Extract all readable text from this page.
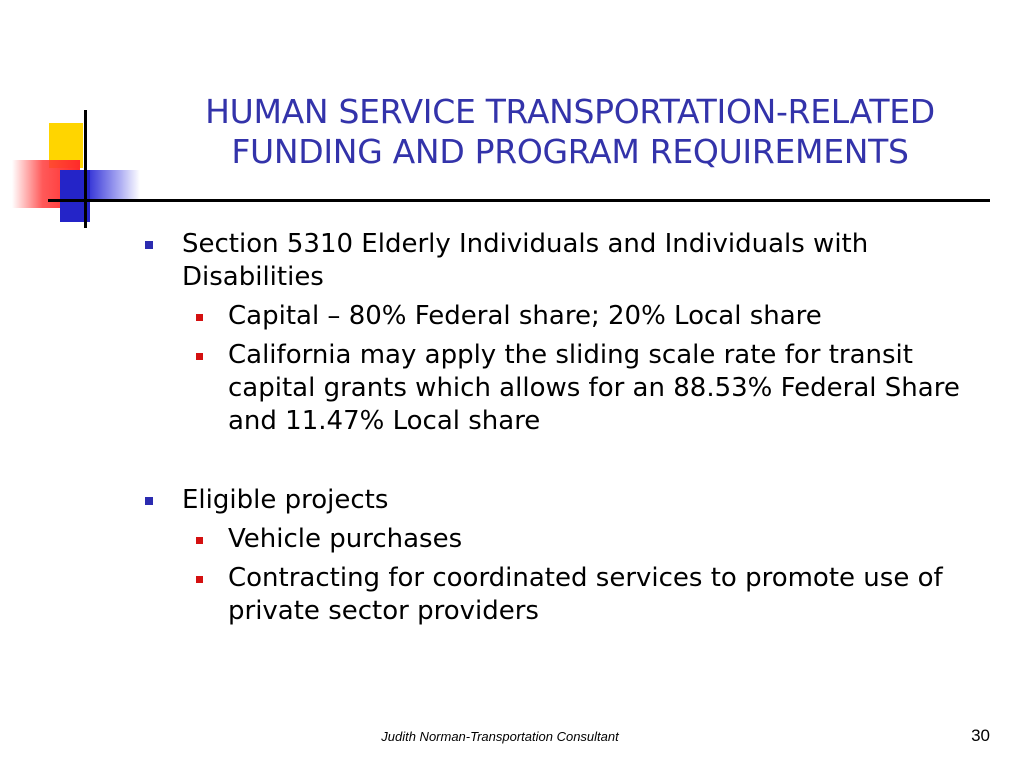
HUMAN SERVICE TRANSPORTATION-RELATED
FUNDING AND PROGRAM REQUIREMENTS

Section 5310 Elderly Individuals and Individuals with Disabilities

Capital – 80% Federal share; 20% Local share

California may apply the sliding scale rate for transit capital grants which allows for an 88.53% Federal Share and 11.47% Local share

Eligible projects

Vehicle purchases

Contracting for coordinated services to promote use of private sector providers

Judith Norman-Transportation Consultant	30
